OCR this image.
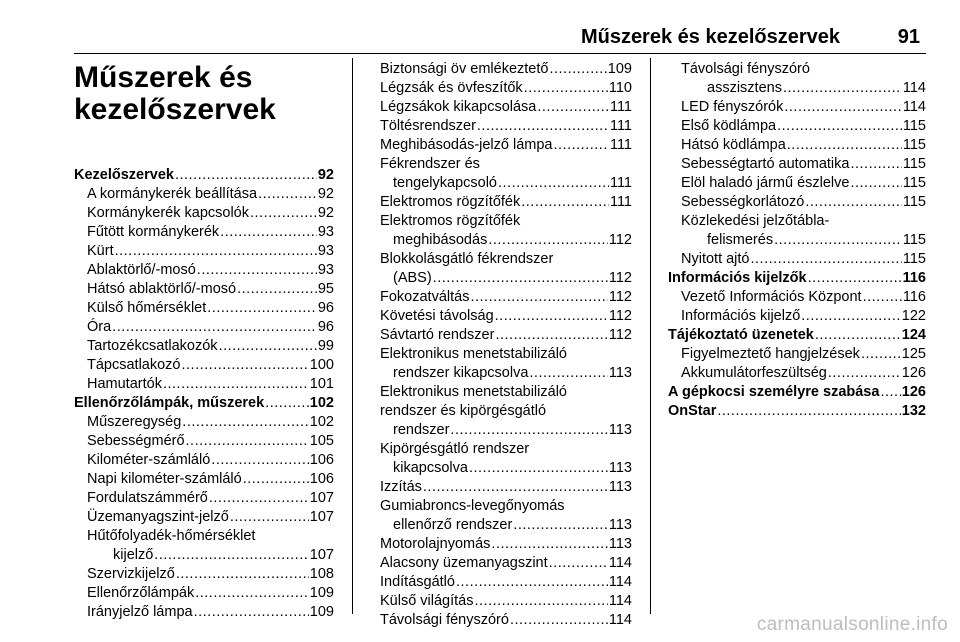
Műszerek és kezelőszervek	91
Műszerek és
kezelőszervek
Kezelőszervek .....	92
A kormánykerék beállítása .....	92
Kormánykerék kapcsolók .....	92
Fűtött kormánykerék .....	93
Kürt .....	93
Ablaktörlő/-mosó .....	93
Hátsó ablaktörlő/-mosó .....	95
Külső hőmérséklet .....	96
Óra .....	96
Tartozékcsatlakozók .....	99
Tápcsatlakozó .....	100
Hamutartók .....	101
Ellenőrzőlámpák, műszerek .....	102
Műszeregység .....	102
Sebességmérő .....	105
Kilométer-számláló .....	106
Napi kilométer-számláló .....	106
Fordulatszámmérő .....	107
Üzemanyagszint-jelző .....	107
Hűtőfolyadék-hőmérséklet
kijelző .....	107
Szervizkijelző .....	108
Ellenőrzőlámpák .....	109
Irányjelző lámpa .....	109
Biztonsági öv emlékeztető .....	109
Légzsák és övfeszítők .....	110
Légzsákok kikapcsolása .....	111
Töltésrendszer .....	111
Meghibásodás-jelző lámpa .....	111
Fékrendszer és
tengelykapcsoló .....	111
Elektromos rögzítőfék .....	111
Elektromos rögzítőfék
meghibásodás .....	112
Blokkolásgátló fékrendszer
(ABS) .....	112
Fokozatváltás .....	112
Követési távolság .....	112
Sávtartó rendszer .....	112
Elektronikus menetstabilizáló
rendszer kikapcsolva .....	113
Elektronikus menetstabilizáló
rendszer és kipörgésgátló
rendszer .....	113
Kipörgésgátló rendszer
kikapcsolva .....	113
Izzítás .....	113
Gumiabroncs-levegőnyomás
ellenőrző rendszer .....	113
Motorolajnyomás .....	113
Alacsony üzemanyagszint .....	114
Indításgátló .....	114
Külső világítás .....	114
Távolsági fényszóró .....	114
Távolsági fényszóró
asszisztens .....	114
LED fényszórók .....	114
Első ködlámpa .....	115
Hátsó ködlámpa .....	115
Sebességtartó automatika .....	115
Elöl haladó jármű észlelve .....	115
Sebességkorlátozó .....	115
Közlekedési jelzőtábla-
felismerés .....	115
Nyitott ajtó .....	115
Információs kijelzők .....	116
Vezető Információs Központ .....	116
Információs kijelző .....	122
Tájékoztató üzenetek .....	124
Figyelmeztető hangjelzések .....	125
Akkumulátorfeszültség .....	126
A gépkocsi személyre szabása ..... 126
OnStar .....	132
carmanualsonline.info
